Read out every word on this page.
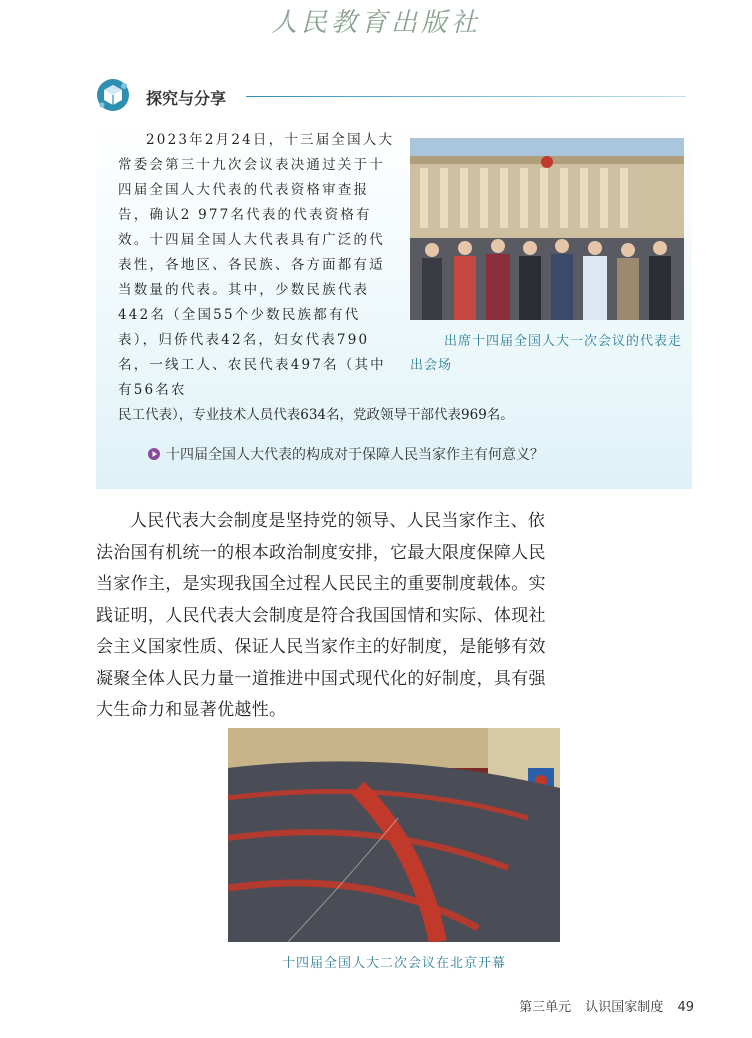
人民教育出版社
探究与分享
2023年2月24日，十三届全国人大常委会第三十九次会议表决通过关于十四届全国人大代表的代表资格审查报告，确认2 977名代表的代表资格有效。十四届全国人大代表具有广泛的代表性，各地区、各民族、各方面都有适当数量的代表。其中，少数民族代表442名（全国55个少数民族都有代表），归侨代表42名，妇女代表790名，一线工人、农民代表497名（其中有56名农
民工代表），专业技术人员代表634名，党政领导干部代表969名。
出席十四届全国人大一次会议的代表走出会场
十四届全国人大代表的构成对于保障人民当家作主有何意义？
人民代表大会制度是坚持党的领导、人民当家作主、依法治国有机统一的根本政治制度安排，它最大限度保障人民当家作主，是实现我国全过程人民民主的重要制度载体。实践证明，人民代表大会制度是符合我国国情和实际、体现社会主义国家性质、保证人民当家作主的好制度，是能够有效凝聚全体人民力量一道推进中国式现代化的好制度，具有强大生命力和显著优越性。
十四届全国人大二次会议在北京开幕
第三单元 认识国家制度 49
